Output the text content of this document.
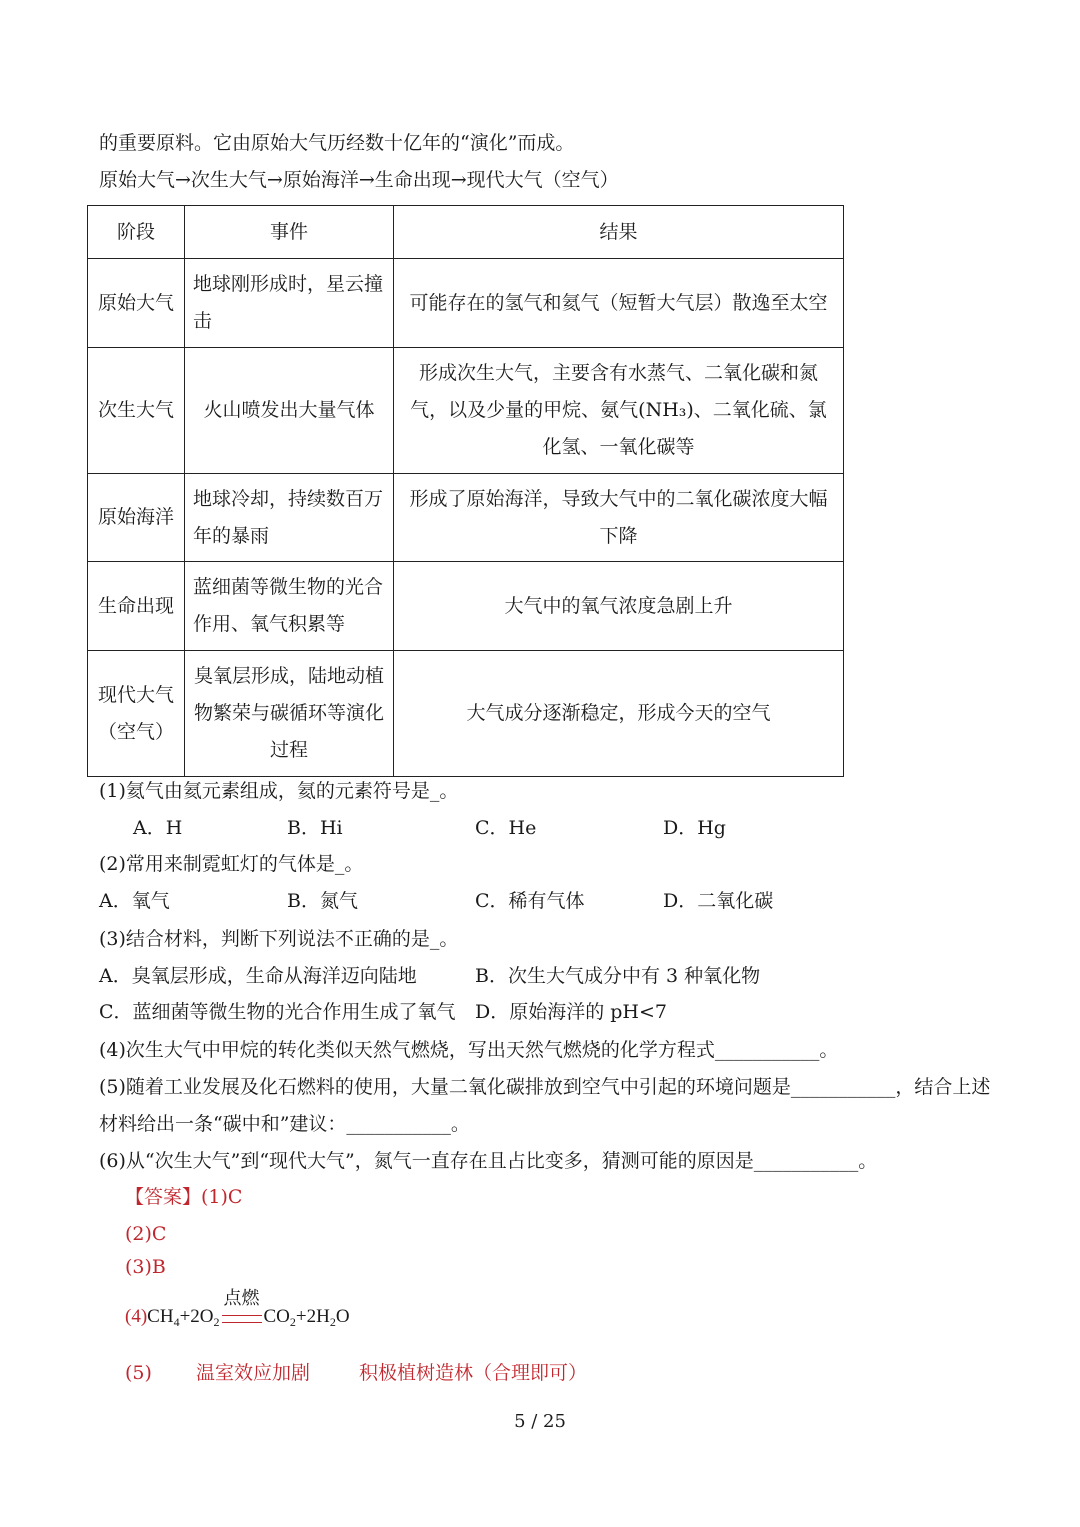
的重要原料。它由原始大气历经数十亿年的“演化”而成。
原始大气→次生大气→原始海洋→生命出现→现代大气（空气）
阶段	事件	结果
原始大气	地球刚形成时，星云撞击	可能存在的氢气和氦气（短暂大气层）散逸至太空
次生大气	火山喷发出大量气体	形成次生大气，主要含有水蒸气、二氧化碳和氮气，以及少量的甲烷、氨气(NH₃)、二氧化硫、氯化氢、一氧化碳等
原始海洋	地球冷却，持续数百万年的暴雨	形成了原始海洋，导致大气中的二氧化碳浓度大幅下降
生命出现	蓝细菌等微生物的光合作用、氧气积累等	大气中的氧气浓度急剧上升
现代大气（空气）	臭氧层形成，陆地动植物繁荣与碳循环等演化过程	大气成分逐渐稳定，形成今天的空气
(1)氦气由氦元素组成，氦的元素符号是_。
A．H	B．Hi	C．He	D．Hg
(2)常用来制霓虹灯的气体是_。
A．氧气	B．氮气	C．稀有气体	D．二氧化碳
(3)结合材料，判断下列说法不正确的是_。
A．臭氧层形成，生命从海洋迈向陆地	B．次生大气成分中有 3 种氧化物
C．蓝细菌等微生物的光合作用生成了氧气 D．原始海洋的 pH<7
(4)次生大气中甲烷的转化类似天然气燃烧，写出天然气燃烧的化学方程式___________。
(5)随着工业发展及化石燃料的使用，大量二氧化碳排放到空气中引起的环境问题是___________，结合上述
材料给出一条“碳中和”建议：___________。
(6)从“次生大气”到“现代大气”，氮气一直存在且占比变多，猜测可能的原因是___________。
【答案】(1)C
(2)C
(3)B
$(4)CH_4+2O_2$
点燃
$CO_2+2H_2O$
(5) 温室效应加剧	积极植树造林（合理即可）
5 / 25
